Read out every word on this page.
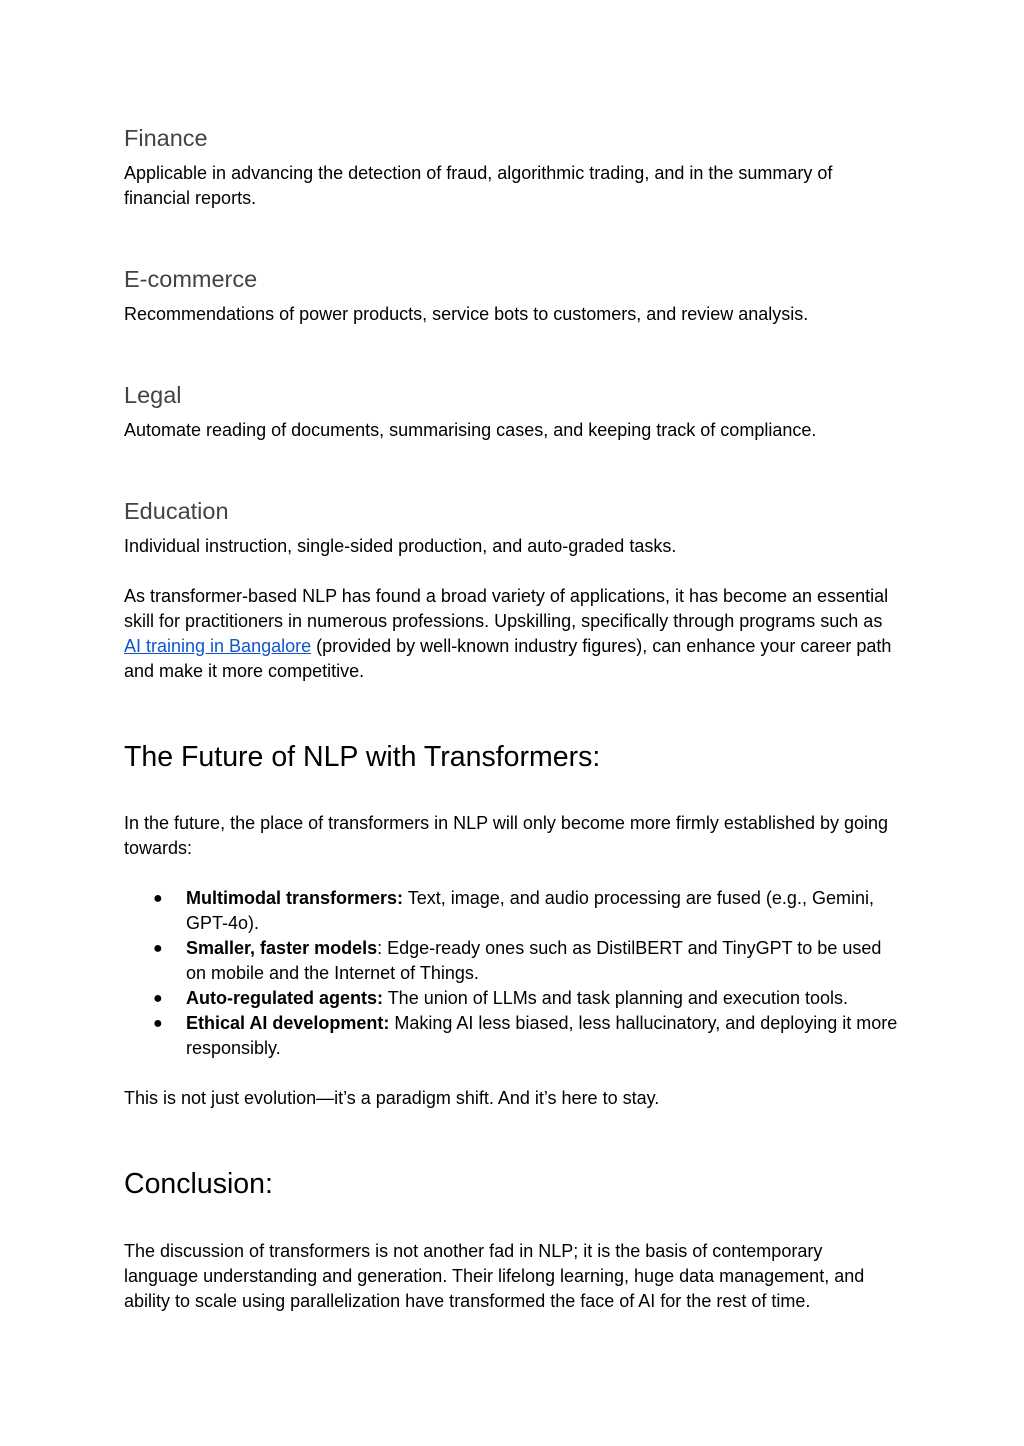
Finance

Applicable in advancing the detection of fraud, algorithmic trading, and in the summary of financial reports.

E-commerce

Recommendations of power products, service bots to customers, and review analysis.

Legal

Automate reading of documents, summarising cases, and keeping track of compliance.

Education

Individual instruction, single-sided production, and auto-graded tasks.

As transformer-based NLP has found a broad variety of applications, it has become an essential skill for practitioners in numerous professions. Upskilling, specifically through programs such as AI training in Bangalore (provided by well-known industry figures), can enhance your career path and make it more competitive.

The Future of NLP with Transformers:

In the future, the place of transformers in NLP will only become more firmly established by going towards:

● Multimodal transformers: Text, image, and audio processing are fused (e.g., Gemini, GPT-4o).
● Smaller, faster models: Edge-ready ones such as DistilBERT and TinyGPT to be used on mobile and the Internet of Things.
● Auto-regulated agents: The union of LLMs and task planning and execution tools.
● Ethical AI development: Making AI less biased, less hallucinatory, and deploying it more responsibly.

This is not just evolution—it’s a paradigm shift. And it’s here to stay.

Conclusion:

The discussion of transformers is not another fad in NLP; it is the basis of contemporary language understanding and generation. Their lifelong learning, huge data management, and ability to scale using parallelization have transformed the face of AI for the rest of time.
